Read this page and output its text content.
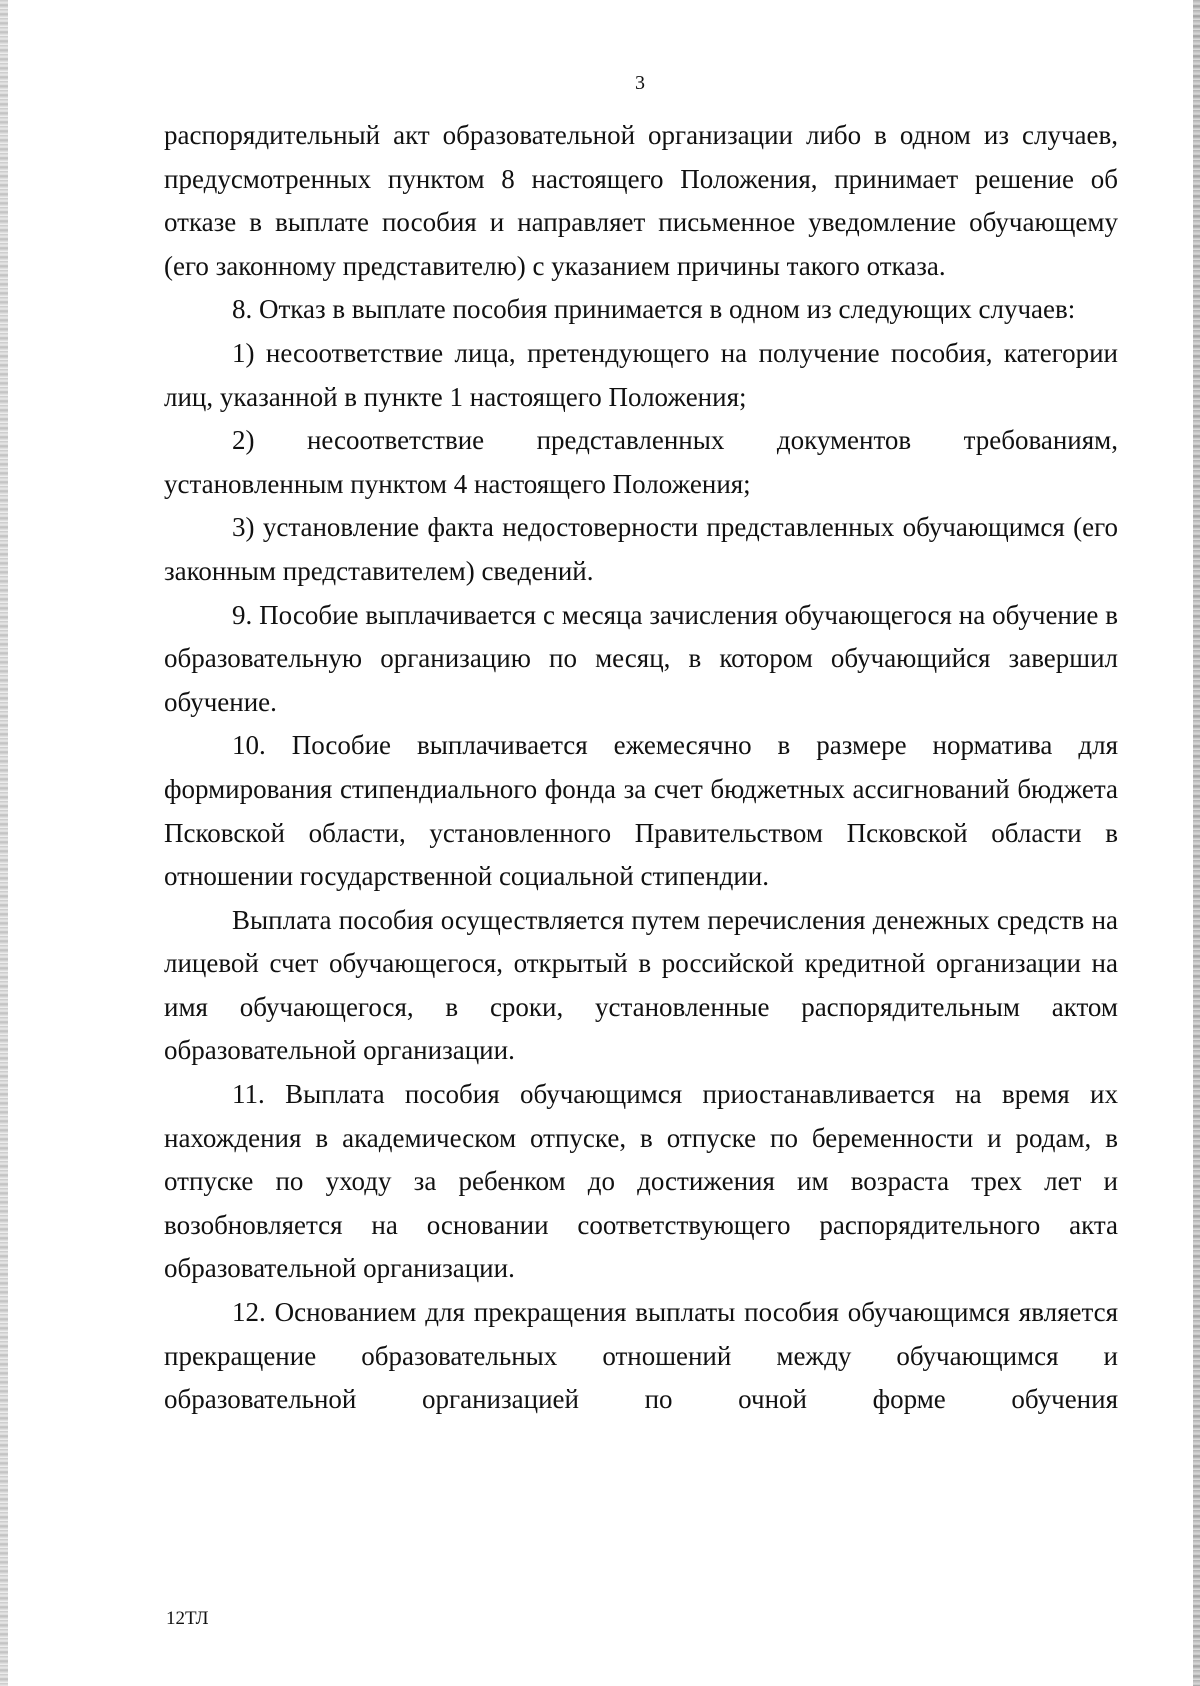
3

распорядительный акт образовательной организации либо в одном из случаев, предусмотренных пунктом 8 настоящего Положения, принимает решение об отказе в выплате пособия и направляет письменное уведомление обучающему (его законному представителю) с указанием причины такого отказа.

8. Отказ в выплате пособия принимается в одном из следующих случаев:

1) несоответствие лица, претендующего на получение пособия, категории лиц, указанной в пункте 1 настоящего Положения;

2) несоответствие представленных документов требованиям, установленным пунктом 4 настоящего Положения;

3) установление факта недостоверности представленных обучающимся (его законным представителем) сведений.

9. Пособие выплачивается с месяца зачисления обучающегося на обучение в образовательную организацию по месяц, в котором обучающийся завершил обучение.

10. Пособие выплачивается ежемесячно в размере норматива для формирования стипендиального фонда за счет бюджетных ассигнований бюджета Псковской области, установленного Правительством Псковской области в отношении государственной социальной стипендии.

Выплата пособия осуществляется путем перечисления денежных средств на лицевой счет обучающегося, открытый в российской кредитной организации на имя обучающегося, в сроки, установленные распорядительным актом образовательной организации.

11. Выплата пособия обучающимся приостанавливается на время их нахождения в академическом отпуске, в отпуске по беременности и родам, в отпуске по уходу за ребенком до достижения им возраста трех лет и возобновляется на основании соответствующего распорядительного акта образовательной организации.

12. Основанием для прекращения выплаты пособия обучающимся является прекращение образовательных отношений между обучающимся и образовательной организацией по очной форме обучения

12ТЛ
